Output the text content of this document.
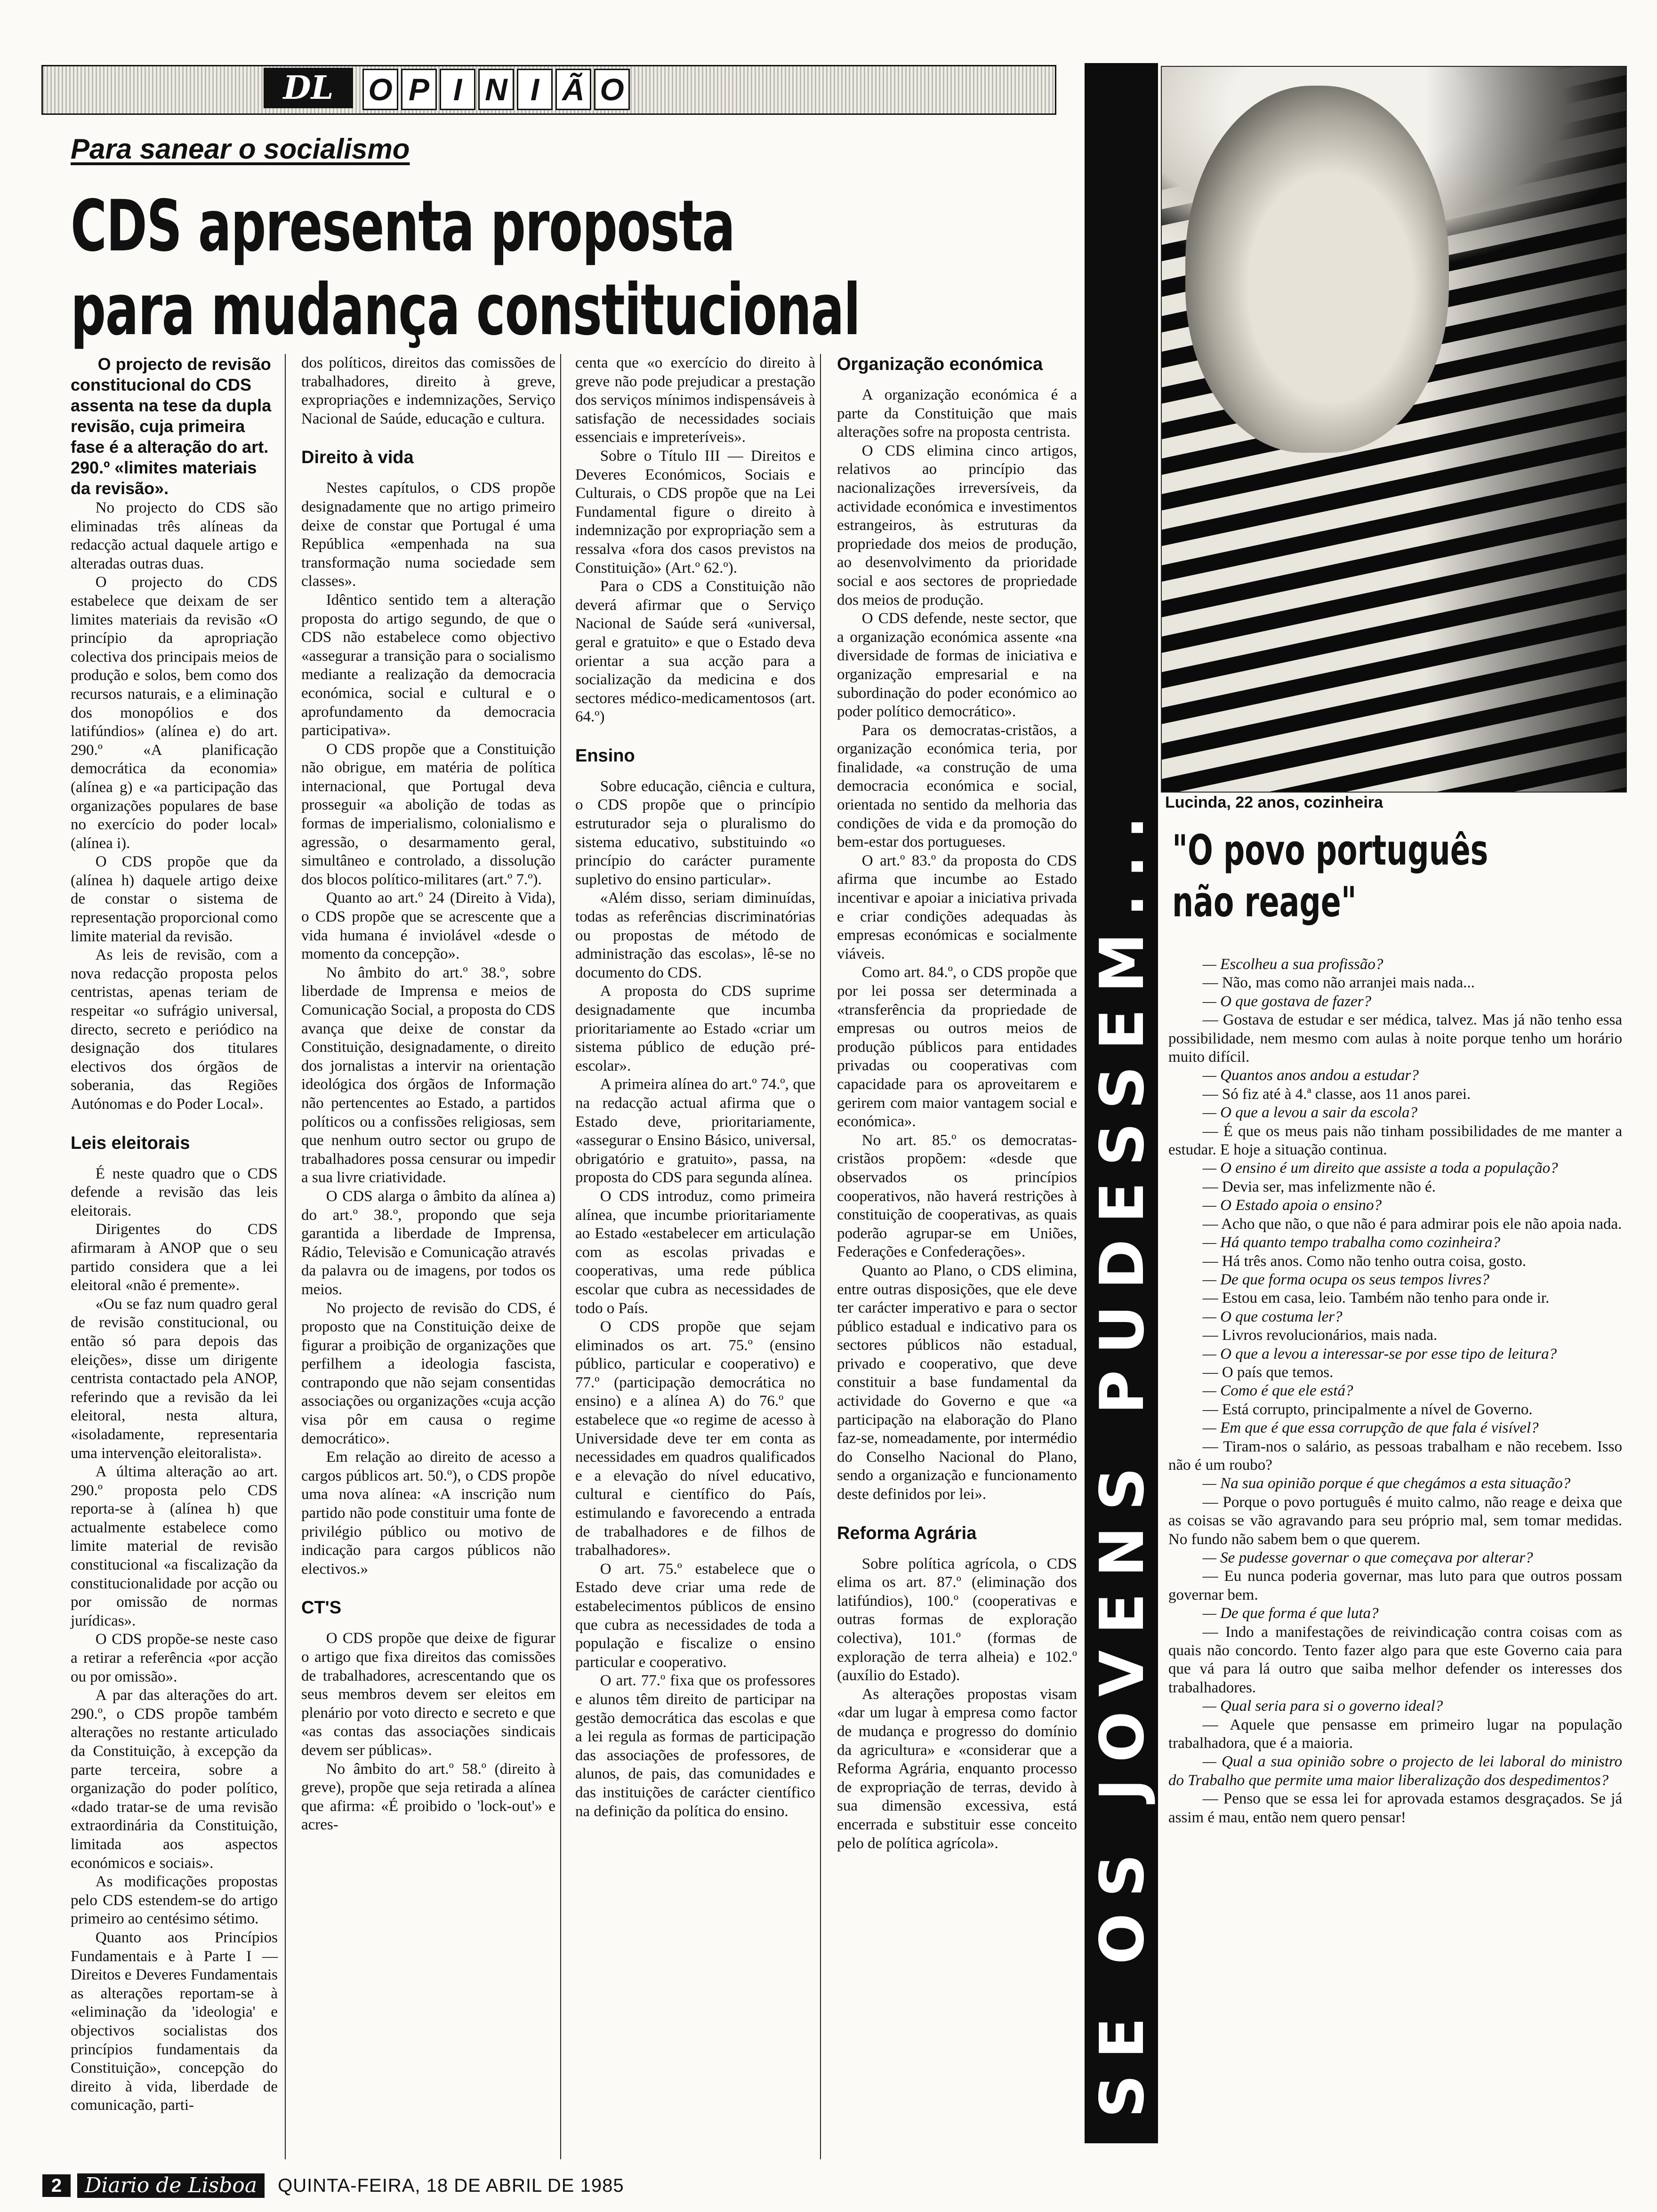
DL	O P I N I Ã O
Para sanear o socialismo
CDS apresenta proposta
para mudança constitucional

O projecto de revisão constitucional do CDS assenta na tese da dupla revisão, cuja primeira fase é a alteração do art. 290.º «limites materiais da revisão».

No projecto do CDS são eliminadas três alíneas da redacção actual daquele artigo e alteradas outras duas.

O projecto do CDS estabelece que deixam de ser limites materiais da revisão «O princípio da apropriação colectiva dos principais meios de produção e solos, bem como dos recursos naturais, e a eliminação dos monopólios e dos latifúndios» (alínea e) do art. 290.º «A planificação democrática da economia» (alínea g) e «a participação das organizações populares de base no exercício do poder local» (alínea i).

O CDS propõe que da (alínea h) daquele artigo deixe de constar o sistema de representação proporcional como limite material da revisão.

As leis de revisão, com a nova redacção proposta pelos centristas, apenas teriam de respeitar «o sufrágio universal, directo, secreto e periódico na designação dos titulares electivos dos órgãos de soberania, das Regiões Autónomas e do Poder Local».

Leis eleitorais

É neste quadro que o CDS defende a revisão das leis eleitorais.

Dirigentes do CDS afirmaram à ANOP que o seu partido considera que a lei eleitoral «não é premente».

«Ou se faz num quadro geral de revisão constitucional, ou então só para depois das eleições», disse um dirigente centrista contactado pela ANOP, referindo que a revisão da lei eleitoral, nesta altura, «isoladamente, representaria uma intervenção eleitoralista».

A última alteração ao art. 290.º proposta pelo CDS reporta-se à (alínea h) que actualmente estabelece como limite material de revisão constitucional «a fiscalização da constitucionalidade por acção ou por omissão de normas jurídicas».

O CDS propõe-se neste caso a retirar a referência «por acção ou por omissão».

A par das alterações do art. 290.º, o CDS propõe também alterações no restante articulado da Constituição, à excepção da parte terceira, sobre a organização do poder político, «dado tratar-se de uma revisão extraordinária da Constituição, limitada aos aspectos económicos e sociais».

As modificações propostas pelo CDS estendem-se do artigo primeiro ao centésimo sétimo.

Quanto aos Princípios Fundamentais e à Parte I — Direitos e Deveres Fundamentais as alterações reportam-se à «eliminação da 'ideologia' e objectivos socialistas dos princípios fundamentais da Constituição», concepção do direito à vida, liberdade de comunicação, parti-

dos políticos, direitos das comissões de trabalhadores, direito à greve, expropriações e indemnizações, Serviço Nacional de Saúde, educação e cultura.

Direito à vida

Nestes capítulos, o CDS propõe designadamente que no artigo primeiro deixe de constar que Portugal é uma República «empenhada na sua transformação numa sociedade sem classes».

Idêntico sentido tem a alteração proposta do artigo segundo, de que o CDS não estabelece como objectivo «assegurar a transição para o socialismo mediante a realização da democracia económica, social e cultural e o aprofundamento da democracia participativa».

O CDS propõe que a Constituição não obrigue, em matéria de política internacional, que Portugal deva prosseguir «a abolição de todas as formas de imperialismo, colonialismo e agressão, o desarmamento geral, simultâneo e controlado, a dissolução dos blocos político-militares (art.º 7.º).

Quanto ao art.º 24 (Direito à Vida), o CDS propõe que se acrescente que a vida humana é inviolável «desde o momento da concepção».

No âmbito do art.º 38.º, sobre liberdade de Imprensa e meios de Comunicação Social, a proposta do CDS avança que deixe de constar da Constituição, designadamente, o direito dos jornalistas a intervir na orientação ideológica dos órgãos de Informação não pertencentes ao Estado, a partidos políticos ou a confissões religiosas, sem que nenhum outro sector ou grupo de trabalhadores possa censurar ou impedir a sua livre criatividade.

O CDS alarga o âmbito da alínea a) do art.º 38.º, propondo que seja garantida a liberdade de Imprensa, Rádio, Televisão e Comunicação através da palavra ou de imagens, por todos os meios.

No projecto de revisão do CDS, é proposto que na Constituição deixe de figurar a proibição de organizações que perfilhem a ideologia fascista, contrapondo que não sejam consentidas associações ou organizações «cuja acção visa pôr em causa o regime democrático».

Em relação ao direito de acesso a cargos públicos art. 50.º), o CDS propõe uma nova alínea: «A inscrição num partido não pode constituir uma fonte de privilégio público ou motivo de indicação para cargos públicos não electivos.»

CT'S

O CDS propõe que deixe de figurar o artigo que fixa direitos das comissões de trabalhadores, acrescentando que os seus membros devem ser eleitos em plenário por voto directo e secreto e que «as contas das associações sindicais devem ser públicas».

No âmbito do art.º 58.º (direito à greve), propõe que seja retirada a alínea que afirma: «É proibido o 'lock-out'» e acres-

centa que «o exercício do direito à greve não pode prejudicar a prestação dos serviços mínimos indispensáveis à satisfação de necessidades sociais essenciais e impreteríveis».

Sobre o Título III — Direitos e Deveres Económicos, Sociais e Culturais, o CDS propõe que na Lei Fundamental figure o direito à indemnização por expropriação sem a ressalva «fora dos casos previstos na Constituição» (Art.º 62.º).

Para o CDS a Constituição não deverá afirmar que o Serviço Nacional de Saúde será «universal, geral e gratuito» e que o Estado deva orientar a sua acção para a socialização da medicina e dos sectores médico-medicamentosos (art. 64.º)

Ensino

Sobre educação, ciência e cultura, o CDS propõe que o princípio estruturador seja o pluralismo do sistema educativo, substituindo «o princípio do carácter puramente supletivo do ensino particular».

«Além disso, seriam diminuídas, todas as referências discriminatórias ou propostas de método de administração das escolas», lê-se no documento do CDS.

A proposta do CDS suprime designadamente que incumba prioritariamente ao Estado «criar um sistema público de edução pré-escolar».

A primeira alínea do art.º 74.º, que na redacção actual afirma que o Estado deve, prioritariamente, «assegurar o Ensino Básico, universal, obrigatório e gratuito», passa, na proposta do CDS para segunda alínea.

O CDS introduz, como primeira alínea, que incumbe prioritariamente ao Estado «estabelecer em articulação com as escolas privadas e cooperativas, uma rede pública escolar que cubra as necessidades de todo o País.

O CDS propõe que sejam eliminados os art. 75.º (ensino público, particular e cooperativo) e 77.º (participação democrática no ensino) e a alínea A) do 76.º que estabelece que «o regime de acesso à Universidade deve ter em conta as necessidades em quadros qualificados e a elevação do nível educativo, cultural e científico do País, estimulando e favorecendo a entrada de trabalhadores e de filhos de trabalhadores».

O art. 75.º estabelece que o Estado deve criar uma rede de estabelecimentos públicos de ensino que cubra as necessidades de toda a população e fiscalize o ensino particular e cooperativo.

O art. 77.º fixa que os professores e alunos têm direito de participar na gestão democrática das escolas e que a lei regula as formas de participação das associações de professores, de alunos, de pais, das comunidades e das instituições de carácter científico na definição da política do ensino.

Organização económica

A organização económica é a parte da Constituição que mais alterações sofre na proposta centrista.

O CDS elimina cinco artigos, relativos ao princípio das nacionalizações irreversíveis, da actividade económica e investimentos estrangeiros, às estruturas da propriedade dos meios de produção, ao desenvolvimento da prioridade social e aos sectores de propriedade dos meios de produção.

O CDS defende, neste sector, que a organização económica assente «na diversidade de formas de iniciativa e organização empresarial e na subordinação do poder económico ao poder político democrático».

Para os democratas-cristãos, a organização económica teria, por finalidade, «a construção de uma democracia económica e social, orientada no sentido da melhoria das condições de vida e da promoção do bem-estar dos portugueses.

O art.º 83.º da proposta do CDS afirma que incumbe ao Estado incentivar e apoiar a iniciativa privada e criar condições adequadas às empresas económicas e socialmente viáveis.

Como art. 84.º, o CDS propõe que por lei possa ser determinada a «transferência da propriedade de empresas ou outros meios de produção públicos para entidades privadas ou cooperativas com capacidade para os aproveitarem e gerirem com maior vantagem social e económica».

No art. 85.º os democratas-cristãos propõem: «desde que observados os princípios cooperativos, não haverá restrições à constituição de cooperativas, as quais poderão agrupar-se em Uniões, Federações e Confederações».

Quanto ao Plano, o CDS elimina, entre outras disposições, que ele deve ter carácter imperativo e para o sector público estadual e indicativo para os sectores públicos não estadual, privado e cooperativo, que deve constituir a base fundamental da actividade do Governo e que «a participação na elaboração do Plano faz-se, nomeadamente, por intermédio do Conselho Nacional do Plano, sendo a organização e funcionamento deste definidos por lei».

Reforma Agrária

Sobre política agrícola, o CDS elima os art. 87.º (eliminação dos latifúndios), 100.º (cooperativas e outras formas de exploração colectiva), 101.º (formas de exploração de terra alheia) e 102.º (auxílio do Estado).

As alterações propostas visam «dar um lugar à empresa como factor de mudança e progresso do domínio da agricultura» e «considerar que a Reforma Agrária, enquanto processo de expropriação de terras, devido à sua dimensão excessiva, está encerrada e substituir esse conceito pelo de política agrícola».	SE OS JOVENS PUDESSEM... Lucinda, 22 anos, cozinheira
"O povo português
não reage"

— Escolheu a sua profissão?

— Não, mas como não arranjei mais nada...

— O que gostava de fazer?

— Gostava de estudar e ser médica, talvez. Mas já não tenho essa possibilidade, nem mesmo com aulas à noite porque tenho um horário muito difícil.

— Quantos anos andou a estudar?

— Só fiz até à 4.ª classe, aos 11 anos parei.

— O que a levou a sair da escola?

— É que os meus pais não tinham possibilidades de me manter a estudar. E hoje a situação continua.

— O ensino é um direito que assiste a toda a população?

— Devia ser, mas infelizmente não é.

— O Estado apoia o ensino?

— Acho que não, o que não é para admirar pois ele não apoia nada.

— Há quanto tempo trabalha como cozinheira?

— Há três anos. Como não tenho outra coisa, gosto.

— De que forma ocupa os seus tempos livres?

— Estou em casa, leio. Também não tenho para onde ir.

— O que costuma ler?

— Livros revolucionários, mais nada.

— O que a levou a interessar-se por esse tipo de leitura?

— O país que temos.

— Como é que ele está?

— Está corrupto, principalmente a nível de Governo.

— Em que é que essa corrupção de que fala é visível?

— Tiram-nos o salário, as pessoas trabalham e não recebem. Isso não é um roubo?

— Na sua opinião porque é que chegámos a esta situação?

— Porque o povo português é muito calmo, não reage e deixa que as coisas se vão agravando para seu próprio mal, sem tomar medidas. No fundo não sabem bem o que querem.

— Se pudesse governar o que começava por alterar?

— Eu nunca poderia governar, mas luto para que outros possam governar bem.

— De que forma é que luta?

— Indo a manifestações de reivindicação contra coisas com as quais não concordo. Tento fazer algo para que este Governo caia para que vá para lá outro que saiba melhor defender os interesses dos trabalhadores.

— Qual seria para si o governo ideal?

— Aquele que pensasse em primeiro lugar na população trabalhadora, que é a maioria.

— Qual a sua opinião sobre o projecto de lei laboral do ministro do Trabalho que permite uma maior liberalização dos despedimentos?

— Penso que se essa lei for aprovada estamos desgraçados. Se já assim é mau, então nem quero pensar!

2	Diario de Lisboa	QUINTA-FEIRA, 18 DE ABRIL DE 1985
